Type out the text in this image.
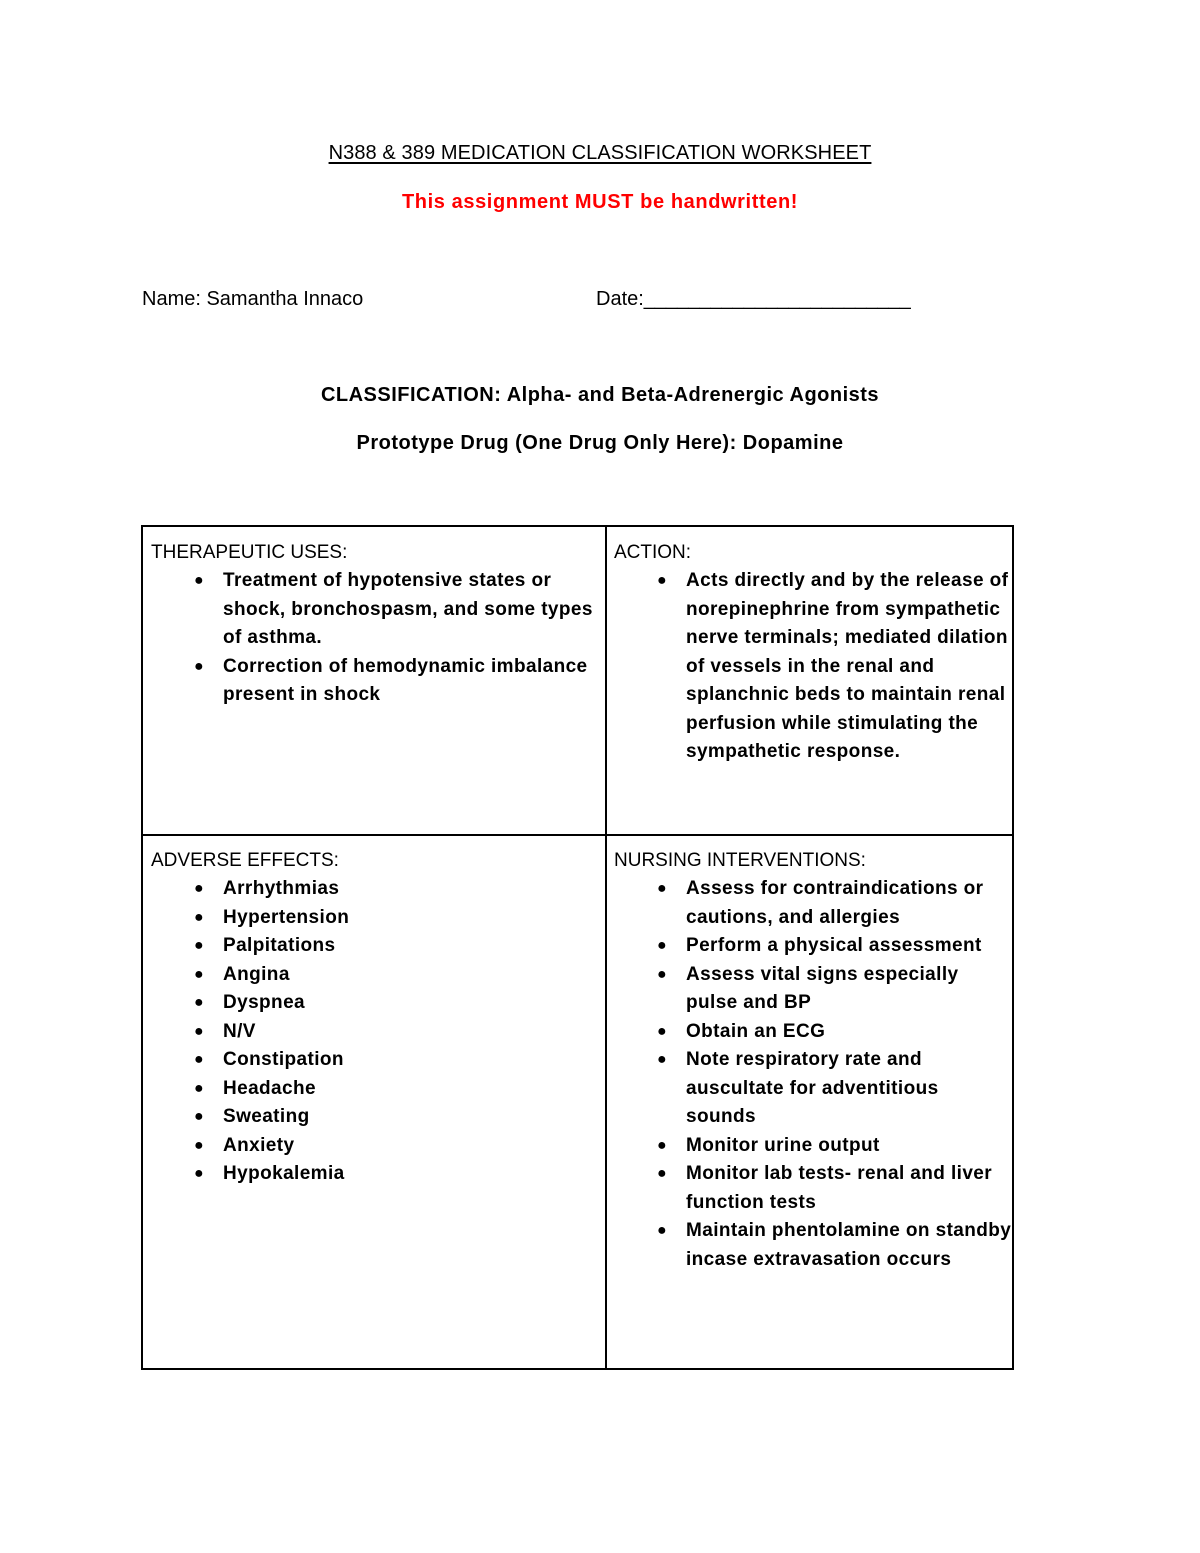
N388 & 389 MEDICATION CLASSIFICATION WORKSHEET
This assignment MUST be handwritten!
Name: Samantha Innaco	Date:________________________
CLASSIFICATION: Alpha- and Beta-Adrenergic Agonists
Prototype Drug (One Drug Only Here): Dopamine
THERAPEUTIC USES:
● Treatment of hypotensive states or shock, bronchospasm, and some types of asthma.
● Correction of hemodynamic imbalance present in shock
ACTION:
● Acts directly and by the release of norepinephrine from sympathetic nerve terminals; mediated dilation of vessels in the renal and splanchnic beds to maintain renal perfusion while stimulating the sympathetic response.
ADVERSE EFFECTS:
● Arrhythmias
● Hypertension
● Palpitations
● Angina
● Dyspnea
● N/V
● Constipation
● Headache
● Sweating
● Anxiety
● Hypokalemia
NURSING INTERVENTIONS:
● Assess for contraindications or cautions, and allergies
● Perform a physical assessment
● Assess vital signs especially pulse and BP
● Obtain an ECG
● Note respiratory rate and auscultate for adventitious sounds
● Monitor urine output
● Monitor lab tests- renal and liver function tests
● Maintain phentolamine on standby incase extravasation occurs
